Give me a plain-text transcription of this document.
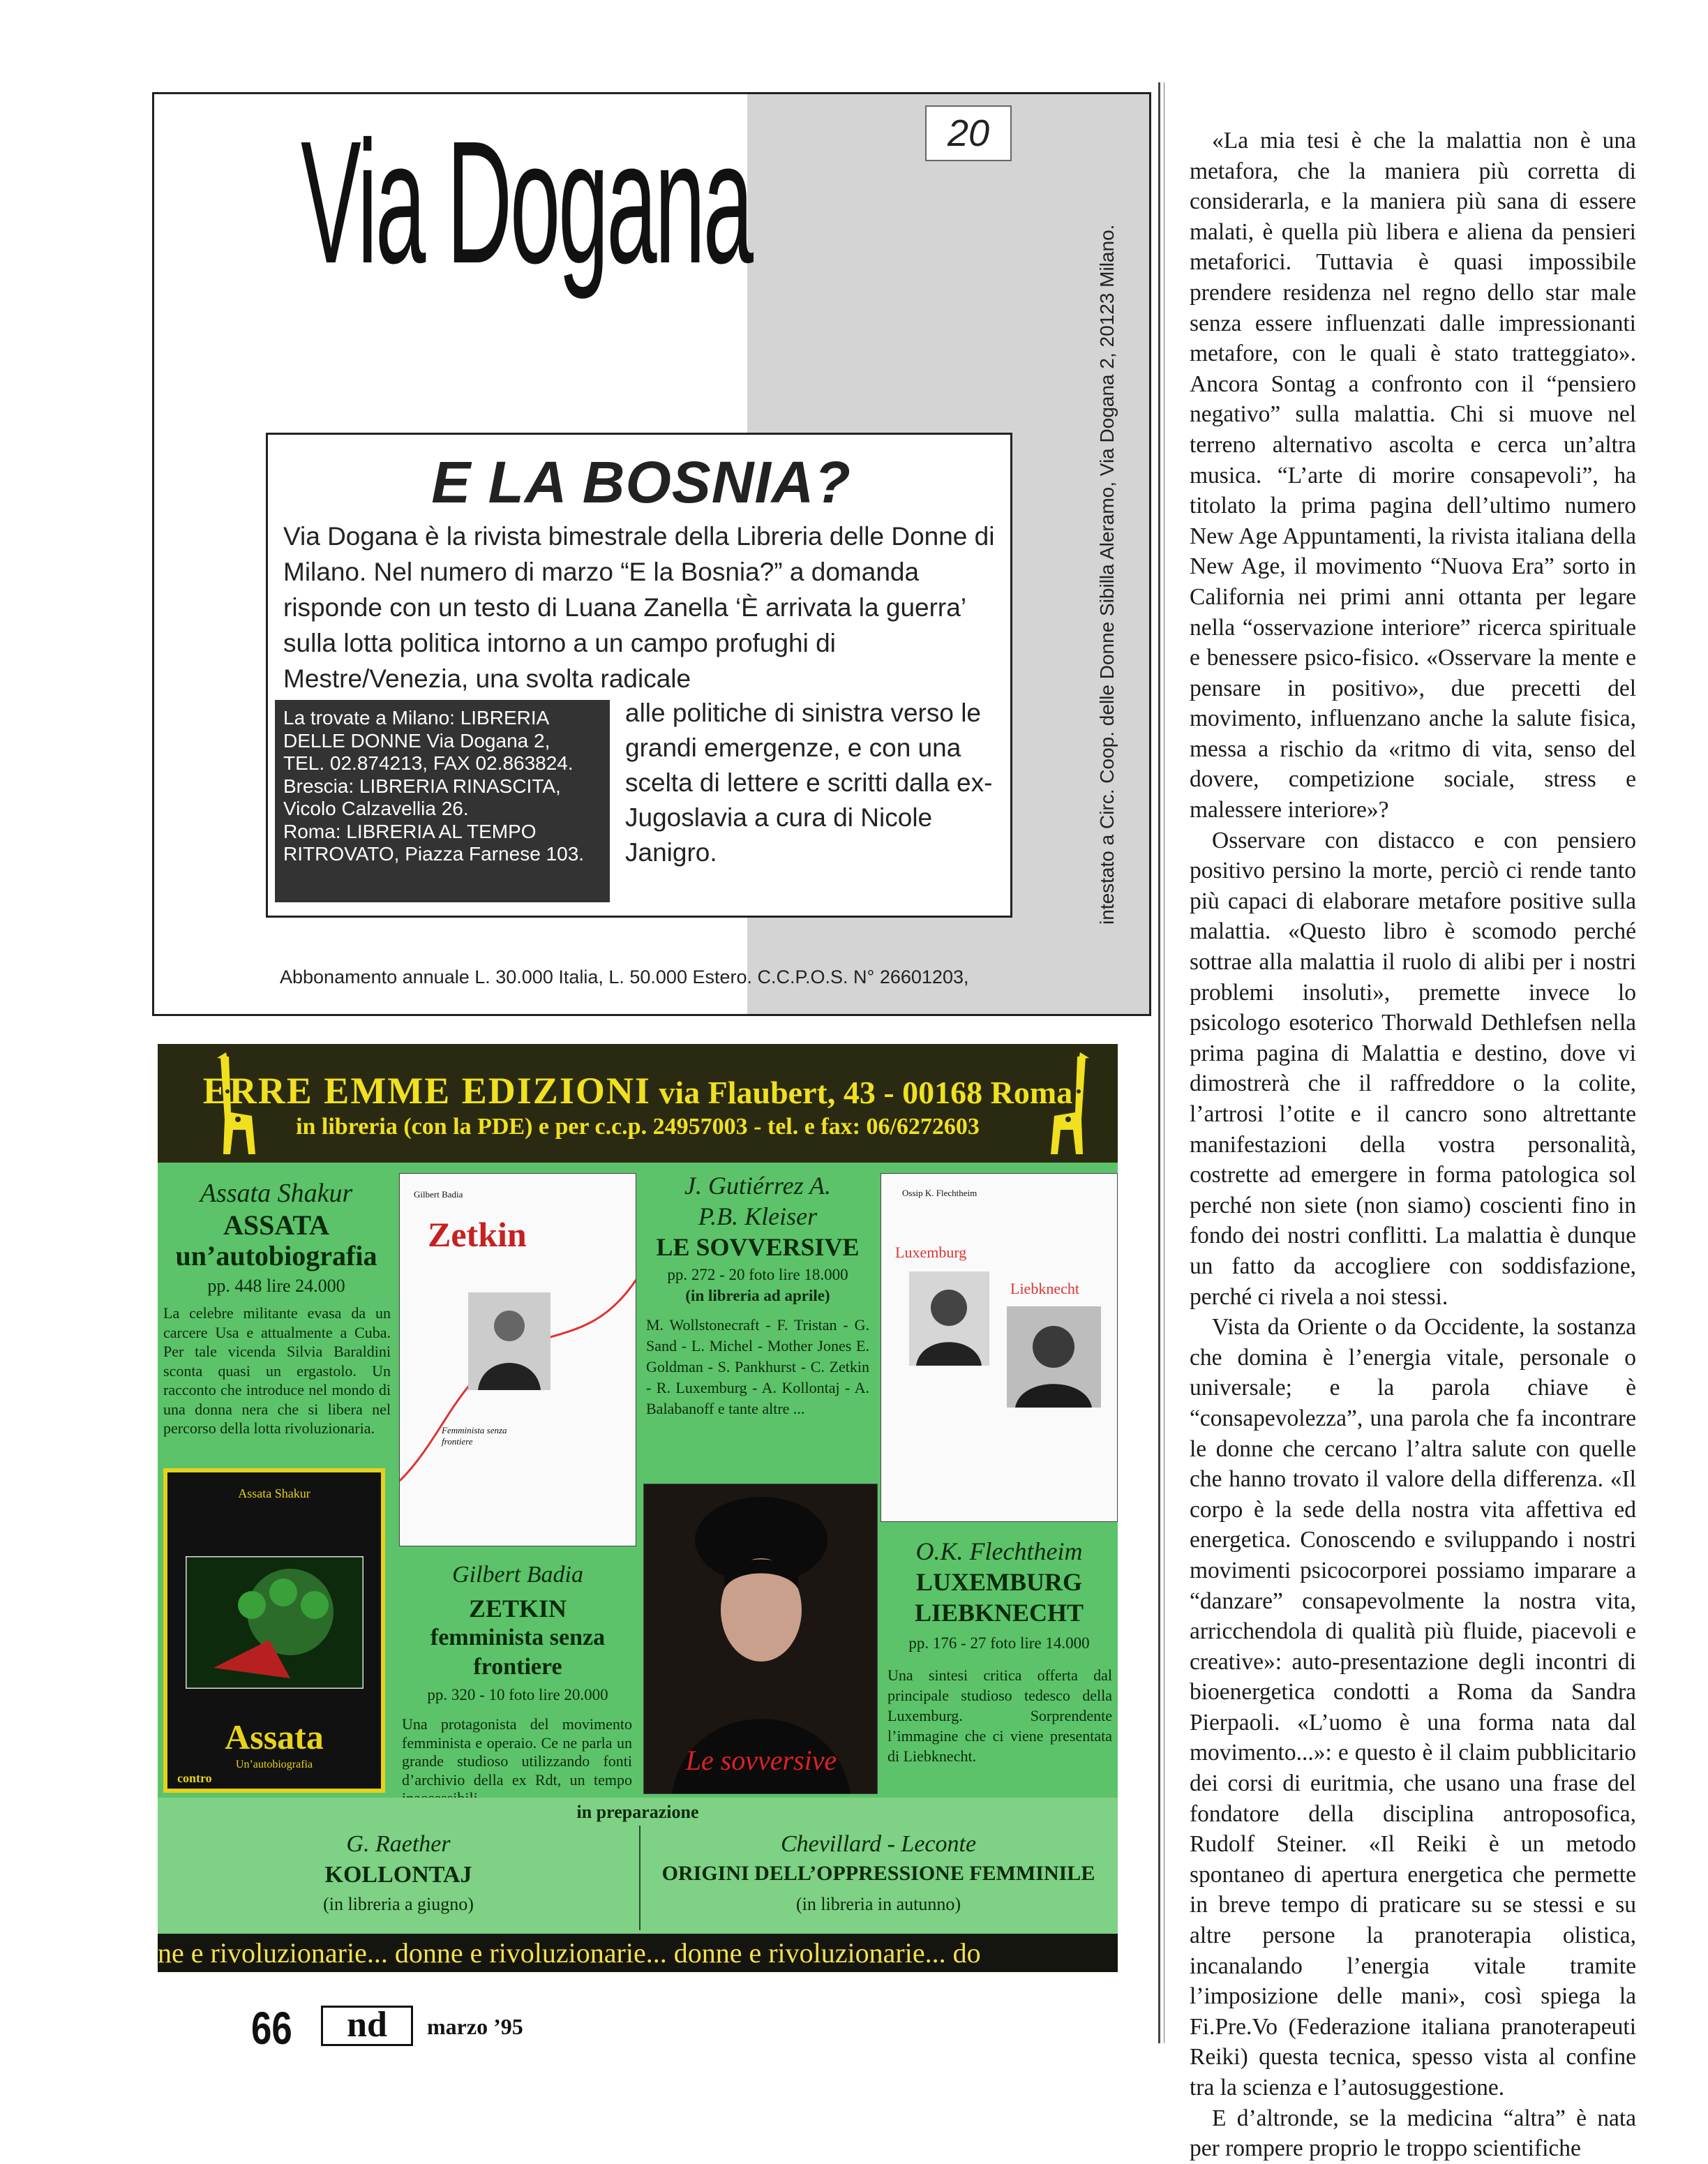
Via Dogana	20
intestato a Circ. Coop. delle Donne Sibilla Aleramo, Via Dogana 2, 20123 Milano.
E LA BOSNIA?
Via Dogana è la rivista bimestrale della Libreria delle Donne di Milano. Nel numero di marzo “E la Bosnia?” a domanda risponde con un testo di Luana Zanella ‘È arrivata la guerra’ sulla lotta politica intorno a un campo profughi di Mestre/Venezia, una svolta radicale
alle politiche di sinistra verso le grandi emergenze, e con una scelta di lettere e scritti dalla ex-Jugoslavia a cura di Nicole Janigro.
La trovate a Milano: LIBRERIA
DELLE DONNE Via Dogana 2,
TEL. 02.874213, FAX 02.863824.
Brescia: LIBRERIA RINASCITA,
Vicolo Calzavellia 26.
Roma: LIBRERIA AL TEMPO
RITROVATO, Piazza Farnese 103.
Abbonamento annuale L. 30.000 Italia, L. 50.000 Estero. C.C.P.O.S. N° 26601203,
ERRE EMME EDIZIONI via Flaubert, 43 - 00168 Roma
in libreria (con la PDE) e per c.c.p. 24957003 - tel. e fax: 06/6272603
Assata Shakur
ASSATA
un’autobiografia
pp. 448 lire 24.000
La celebre militante evasa da un carcere Usa e attualmente a Cuba. Per tale vicenda Silvia Baraldini sconta quasi un ergastolo. Un racconto che introduce nel mondo di una donna nera che si libera nel percorso della lotta rivoluzionaria.
Assata Shakur
Assata
Un’autobiografia
contro
Gilbert Badia
Zetkin
Femminista senza frontiere
Gilbert Badia
ZETKIN
femminista senza frontiere
pp. 320 - 10 foto lire 20.000
Una protagonista del movimento femminista e operaio. Ce ne parla un grande studioso utilizzando fonti d’archivio della ex Rdt, un tempo
J. Gutiérrez A.
P.B. Kleiser
LE SOVVERSIVE
pp. 272 - 20 foto lire 18.000
(in libreria ad aprile)
M. Wollstonecraft - F. Tristan - G. Sand - L. Michel - Mother Jones E. Goldman - S. Pankhurst - C. Zetkin - R. Luxemburg - A. Kollontaj - A. Balabanoff e tante altre ...
Le sovversive
Ossip K. Flechtheim
Luxemburg
Liebknecht
O.K. Flechtheim
LUXEMBURG
LIEBKNECHT
pp. 176 - 27 foto lire 14.000
Una sintesi critica offerta dal principale studioso tedesco della Luxemburg. Sorprendente l’immagine che ci viene presentata di Liebknecht.
in preparazione
G. Raether
KOLLONTAJ
(in libreria a giugno)
Chevillard - Leconte
ORIGINI DELL’OPPRESSIONE FEMMINILE
(in libreria in autunno)
ne e rivoluzionarie... donne e rivoluzionarie... donne e rivoluzionarie... do

«La mia tesi è che la malattia non è una metafora, che la maniera più corretta di considerarla, e la maniera più sana di essere malati, è quella più libera e aliena da pensieri metaforici. Tuttavia è quasi impossibile prendere residenza nel regno dello star male senza essere influenzati dalle impressionanti metafore, con le quali è stato tratteggiato». Ancora Sontag a confronto con il “pensiero negativo” sulla malattia. Chi si muove nel terreno alternativo ascolta e cerca un’altra musica. “L’arte di morire consapevoli”, ha titolato la prima pagina dell’ultimo numero New Age Appuntamenti, la rivista italiana della New Age, il movimento “Nuova Era” sorto in California nei primi anni ottanta per legare nella “osservazione interiore” ricerca spirituale e benessere psico-fisico. «Osservare la mente e pensare in positivo», due precetti del movimento, influenzano anche la salute fisica, messa a rischio da «ritmo di vita, senso del dovere, competizione sociale, stress e malessere interiore»?

Osservare con distacco e con pensiero positivo persino la morte, perciò ci rende tanto più capaci di elaborare metafore positive sulla malattia. «Questo libro è scomodo perché sottrae alla malattia il ruolo di alibi per i nostri problemi insoluti», premette invece lo psicologo esoterico Thorwald Dethlefsen nella prima pagina di Malattia e destino, dove vi dimostrerà che il raffreddore o la colite, l’artrosi l’otite e il cancro sono altrettante manifestazioni della vostra personalità, costrette ad emergere in forma patologica sol perché non siete (non siamo) coscienti fino in fondo dei nostri conflitti. La malattia è dunque un fatto da accogliere con soddisfazione, perché ci rivela a noi stessi.

Vista da Oriente o da Occidente, la sostanza che domina è l’energia vitale, personale o universale; e la parola chiave è “consapevolezza”, una parola che fa incontrare le donne che cercano l’altra salute con quelle che hanno trovato il valore della differenza. «Il corpo è la sede della nostra vita affettiva ed energetica. Conoscendo e sviluppando i nostri movimenti psicocorporei possiamo imparare a “danzare” consapevolmente la nostra vita, arricchendola di qualità più fluide, piacevoli e creative»: auto-presentazione degli incontri di bioenergetica condotti a Roma da Sandra Pierpaoli. «L’uomo è una forma nata dal movimento...»: e questo è il claim pubblicitario dei corsi di euritmia, che usano una frase del fondatore della disciplina antroposofica, Rudolf Steiner. «Il Reiki è un metodo spontaneo di apertura energetica che permette in breve tempo di praticare su se stessi e su altre persone la pranoterapia olistica, incanalando l’energia vitale tramite l’imposizione delle mani», così spiega la Fi.Pre.Vo (Federazione italiana pranoterapeuti Reiki) questa tecnica, spesso vista al confine tra la scienza e l’autosuggestione.

E d’altronde, se la medicina “altra” è nata per rompere proprio le troppo scientifiche

66	nd	marzo ’95
